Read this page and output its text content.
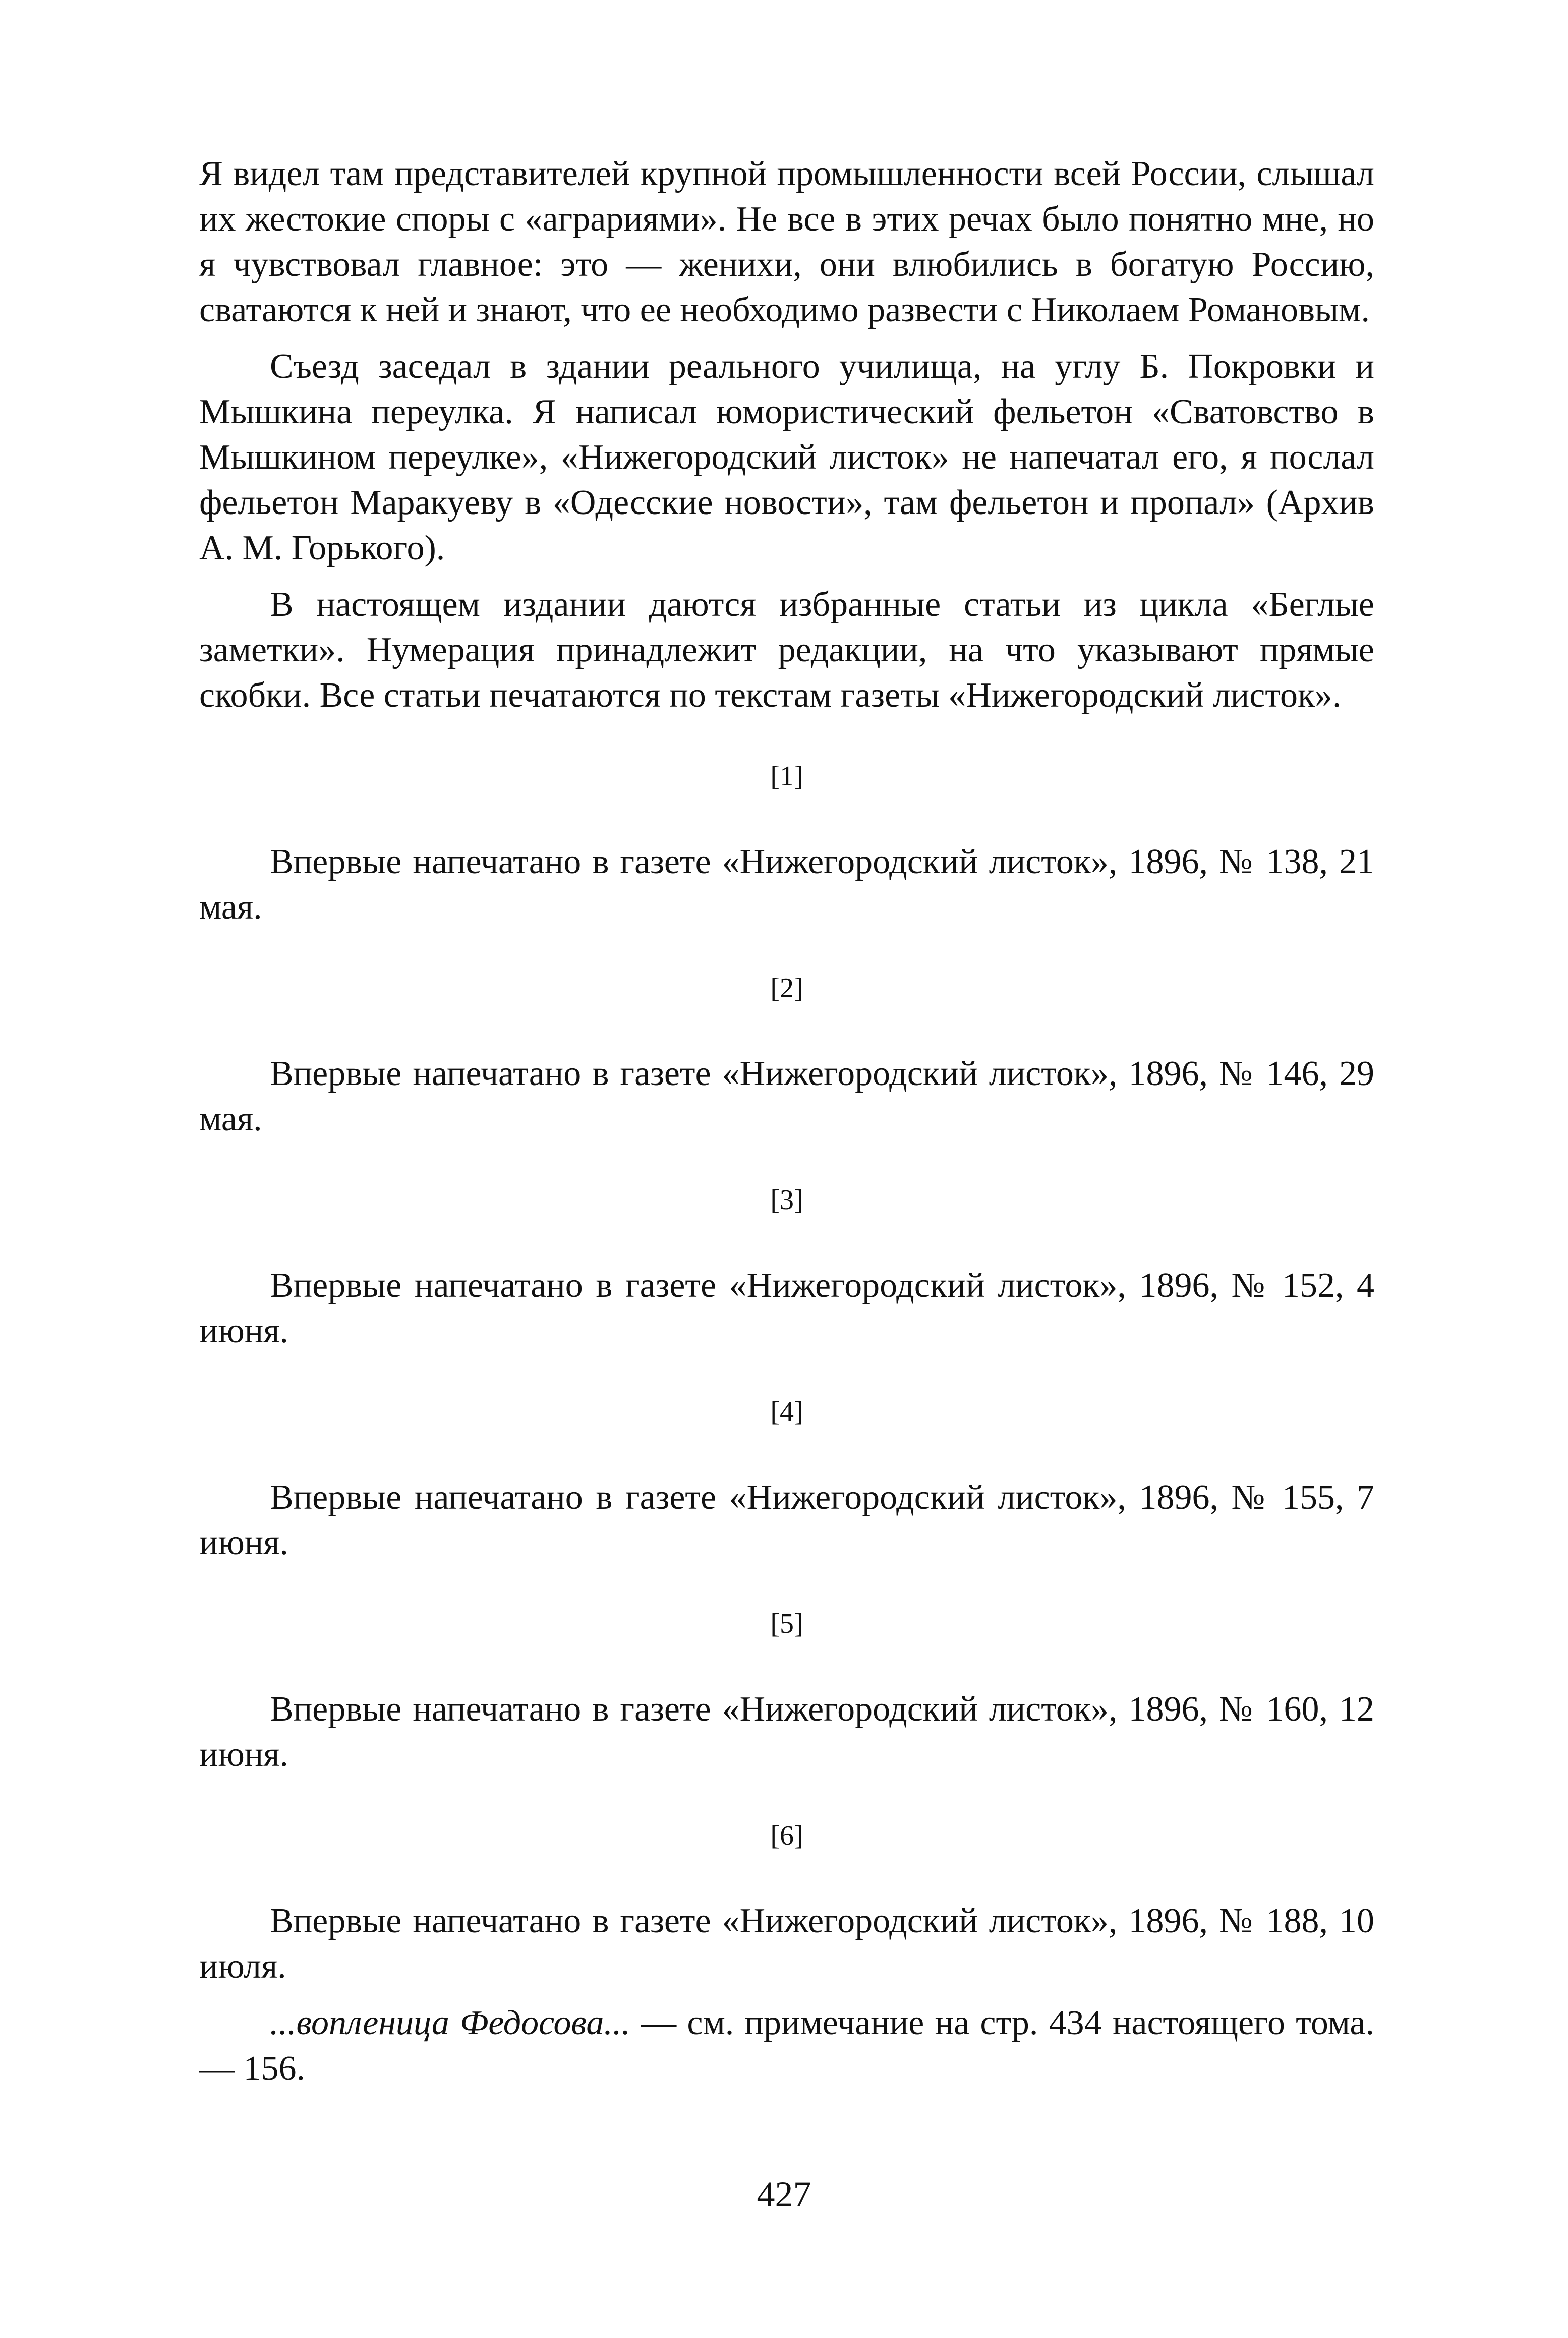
Я видел там представителей крупной промышленности всей России, слышал их жестокие споры с «аграриями». Не все в этих речах было понятно мне, но я чувствовал главное: это — женихи, они влюбились в богатую Россию, сватаются к ней и знают, что ее необходимо развести с Николаем Романовым.

Съезд заседал в здании реального училища, на углу Б. Покровки и Мышкина переулка. Я написал юмористический фельетон «Сватовство в Мышкином переулке», «Нижегородский листок» не напечатал его, я послал фельетон Маракуеву в «Одесские новости», там фельетон и пропал» (Архив А. М. Горького).

В настоящем издании даются избранные статьи из цикла «Беглые заметки». Нумерация принадлежит редакции, на что указывают прямые скобки. Все статьи печатаются по текстам газеты «Нижегородский листок».

[1]

Впервые напечатано в газете «Нижегородский листок», 1896, № 138, 21 мая.

[2]

Впервые напечатано в газете «Нижегородский листок», 1896, № 146, 29 мая.

[3]

Впервые напечатано в газете «Нижегородский листок», 1896, № 152, 4 июня.

[4]

Впервые напечатано в газете «Нижегородский листок», 1896, № 155, 7 июня.

[5]

Впервые напечатано в газете «Нижегородский листок», 1896, № 160, 12 июня.

[6]

Впервые напечатано в газете «Нижегородский листок», 1896, № 188, 10 июля.

...вопленица Федосова... — см. примечание на стр. 434 настоящего тома. — 156.

427
